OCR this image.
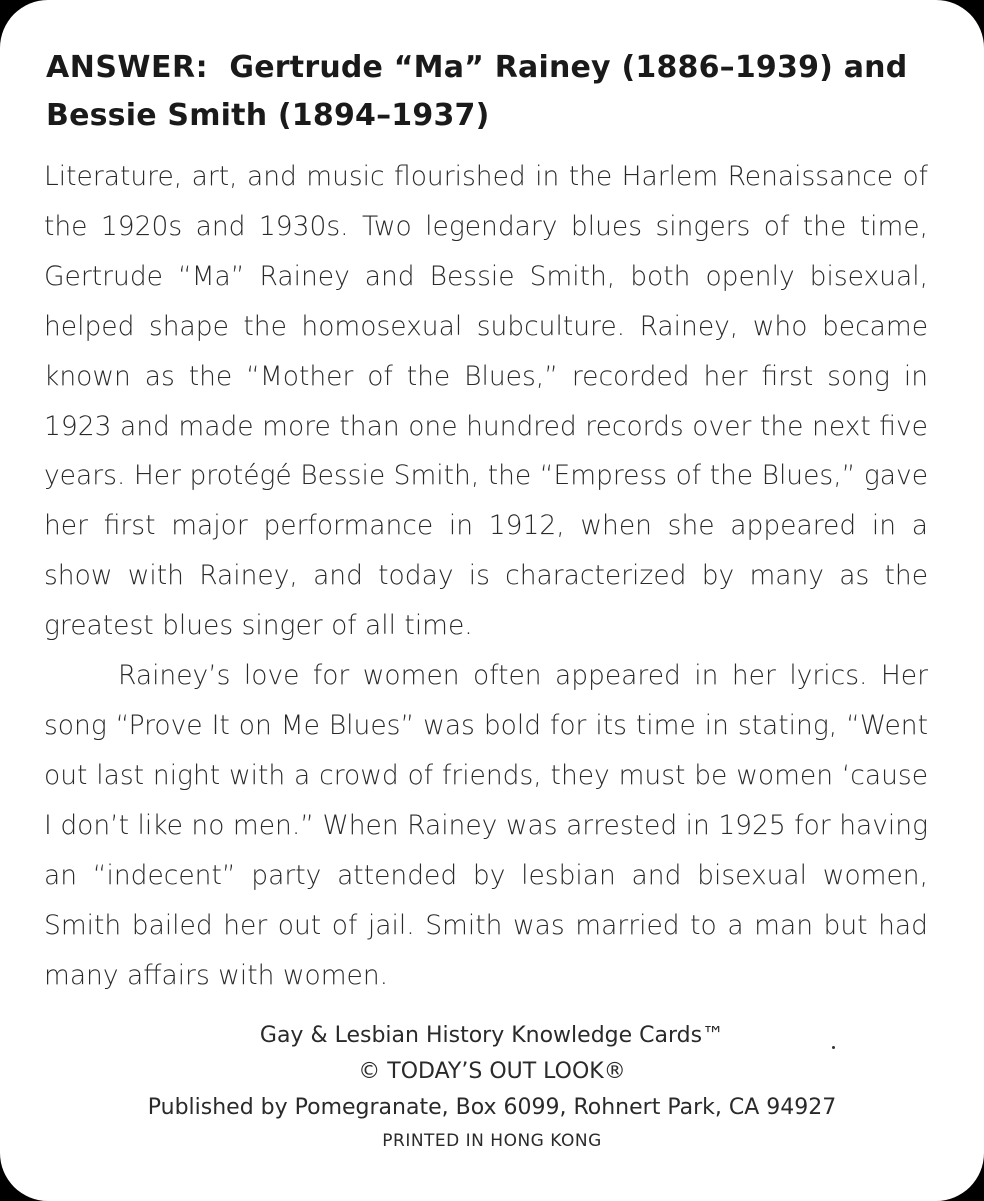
ANSWER: Gertrude “Ma” Rainey (1886–1939) and Bessie Smith (1894–1937)

Literature, art, and music flourished in the Harlem Renaissance of the 1920s and 1930s. Two legendary blues singers of the time, Gertrude “Ma” Rainey and Bessie Smith, both openly bisexual, helped shape the homosexual subculture. Rainey, who became known as the “Mother of the Blues,” recorded her first song in 1923 and made more than one hundred records over the next five years. Her protégé Bessie Smith, the “Empress of the Blues,” gave her first major performance in 1912, when she appeared in a show with Rainey, and today is characterized by many as the greatest blues singer of all time.

Rainey’s love for women often appeared in her lyrics. Her song “Prove It on Me Blues” was bold for its time in stating, “Went out last night with a crowd of friends, they must be women ‘cause I don’t like no men.” When Rainey was arrested in 1925 for having an “indecent” party attended by lesbian and bisexual women, Smith bailed her out of jail. Smith was married to a man but had many affairs with women.

Gay & Lesbian History Knowledge Cards™
© TODAY’S OUT LOOK®
Published by Pomegranate, Box 6099, Rohnert Park, CA 94927
PRINTED IN HONG KONG
